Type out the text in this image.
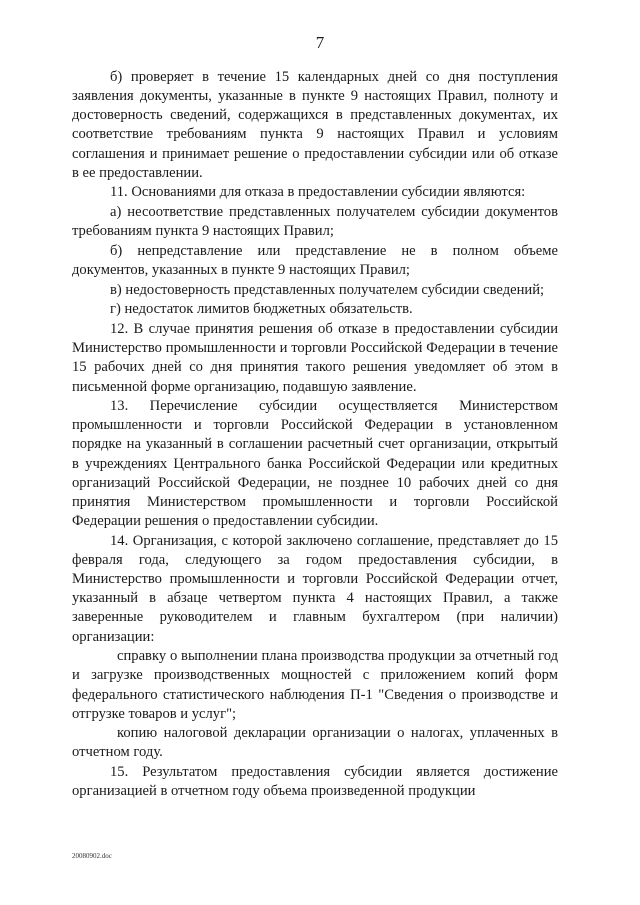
7

б) проверяет в течение 15 календарных дней со дня поступления заявления документы, указанные в пункте 9 настоящих Правил, полноту и достоверность сведений, содержащихся в представленных документах, их соответствие требованиям пункта 9 настоящих Правил и условиям соглашения и принимает решение о предоставлении субсидии или об отказе в ее предоставлении.

11. Основаниями для отказа в предоставлении субсидии являются:

а) несоответствие представленных получателем субсидии документов требованиям пункта 9 настоящих Правил;

б) непредставление или представление не в полном объеме документов, указанных в пункте 9 настоящих Правил;

в) недостоверность представленных получателем субсидии сведений;

г) недостаток лимитов бюджетных обязательств.

12. В случае принятия решения об отказе в предоставлении субсидии Министерство промышленности и торговли Российской Федерации в течение 15 рабочих дней со дня принятия такого решения уведомляет об этом в письменной форме организацию, подавшую заявление.

13. Перечисление субсидии осуществляется Министерством промышленности и торговли Российской Федерации в установленном порядке на указанный в соглашении расчетный счет организации, открытый в учреждениях Центрального банка Российской Федерации или кредитных организаций Российской Федерации, не позднее 10 рабочих дней со дня принятия Министерством промышленности и торговли Российской Федерации решения о предоставлении субсидии.

14. Организация, с которой заключено соглашение, представляет до 15 февраля года, следующего за годом предоставления субсидии, в Министерство промышленности и торговли Российской Федерации отчет, указанный в абзаце четвертом пункта 4 настоящих Правил, а также заверенные руководителем и главным бухгалтером (при наличии) организации:

справку о выполнении плана производства продукции за отчетный год и загрузке производственных мощностей с приложением копий форм федерального статистического наблюдения П-1 "Сведения о производстве и отгрузке товаров и услуг";

копию налоговой декларации организации о налогах, уплаченных в отчетном году.

15. Результатом предоставления субсидии является достижение организацией в отчетном году объема произведенной продукции

20080902.doc
